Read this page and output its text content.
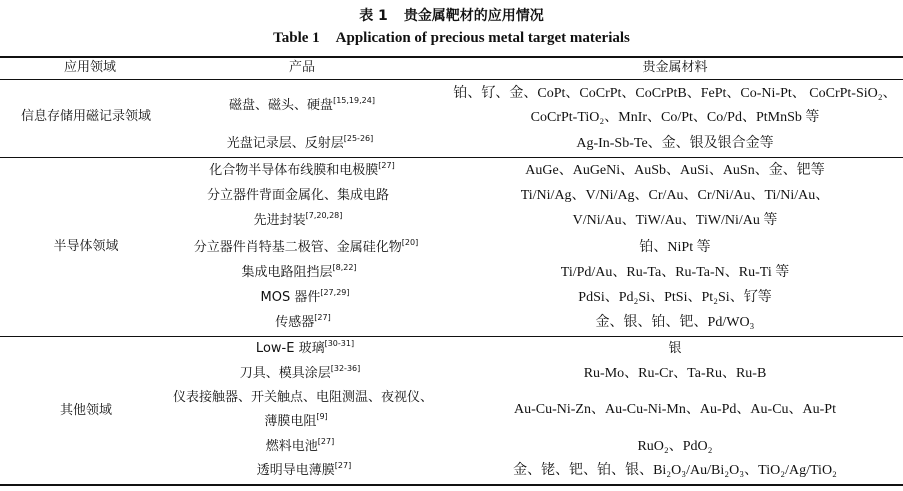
表 1 贵金属靶材的应用情况
Table 1 Application of precious metal target materials
应用领域	产品	贵金属材料
信息存储用磁记录领域
磁盘、磁头、硬盘[15,19,24]	铂、钌、金、CoPt、CoCrPt、CoCrPtB、FePt、Co-Ni-Pt、 CoCrPt-SiO₂、
CoCrPt-TiO₂、MnIr、Co/Pt、Co/Pd、PtMnSb 等
光盘记录层、反射层[25-26]	Ag-In-Sb-Te、金、银及银合金等
半导体领域
化合物半导体布线膜和电极膜[27]	AuGe、AuGeNi、AuSb、AuSi、AuSn、金、钯等
分立器件背面金属化、集成电路	Ti/Ni/Ag、V/Ni/Ag、Cr/Au、Cr/Ni/Au、Ti/Ni/Au、
先进封装[7,20,28]	V/Ni/Au、TiW/Au、TiW/Ni/Au 等
分立器件肖特基二极管、金属硅化物[20]	铂、NiPt 等
集成电路阻挡层[8,22]	Ti/Pd/Au、Ru-Ta、Ru-Ta-N、Ru-Ti 等
MOS 器件[27,29]	PdSi、Pd₂Si、PtSi、Pt₂Si、钌等
传感器[27]	金、银、铂、钯、Pd/WO₃
其他领域
Low-E 玻璃[30-31]	银
刀具、模具涂层[32-36]	Ru-Mo、Ru-Cr、Ta-Ru、Ru-B
仪表接触器、开关触点、电阻测温、夜视仪、
薄膜电阻[9]	Au-Cu-Ni-Zn、Au-Cu-Ni-Mn、Au-Pd、Au-Cu、Au-Pt
燃料电池[27]	RuO₂、PdO₂
透明导电薄膜[27]	金、铑、钯、铂、银、Bi₂O₃/Au/Bi₂O₃、TiO₂/Ag/TiO₂
